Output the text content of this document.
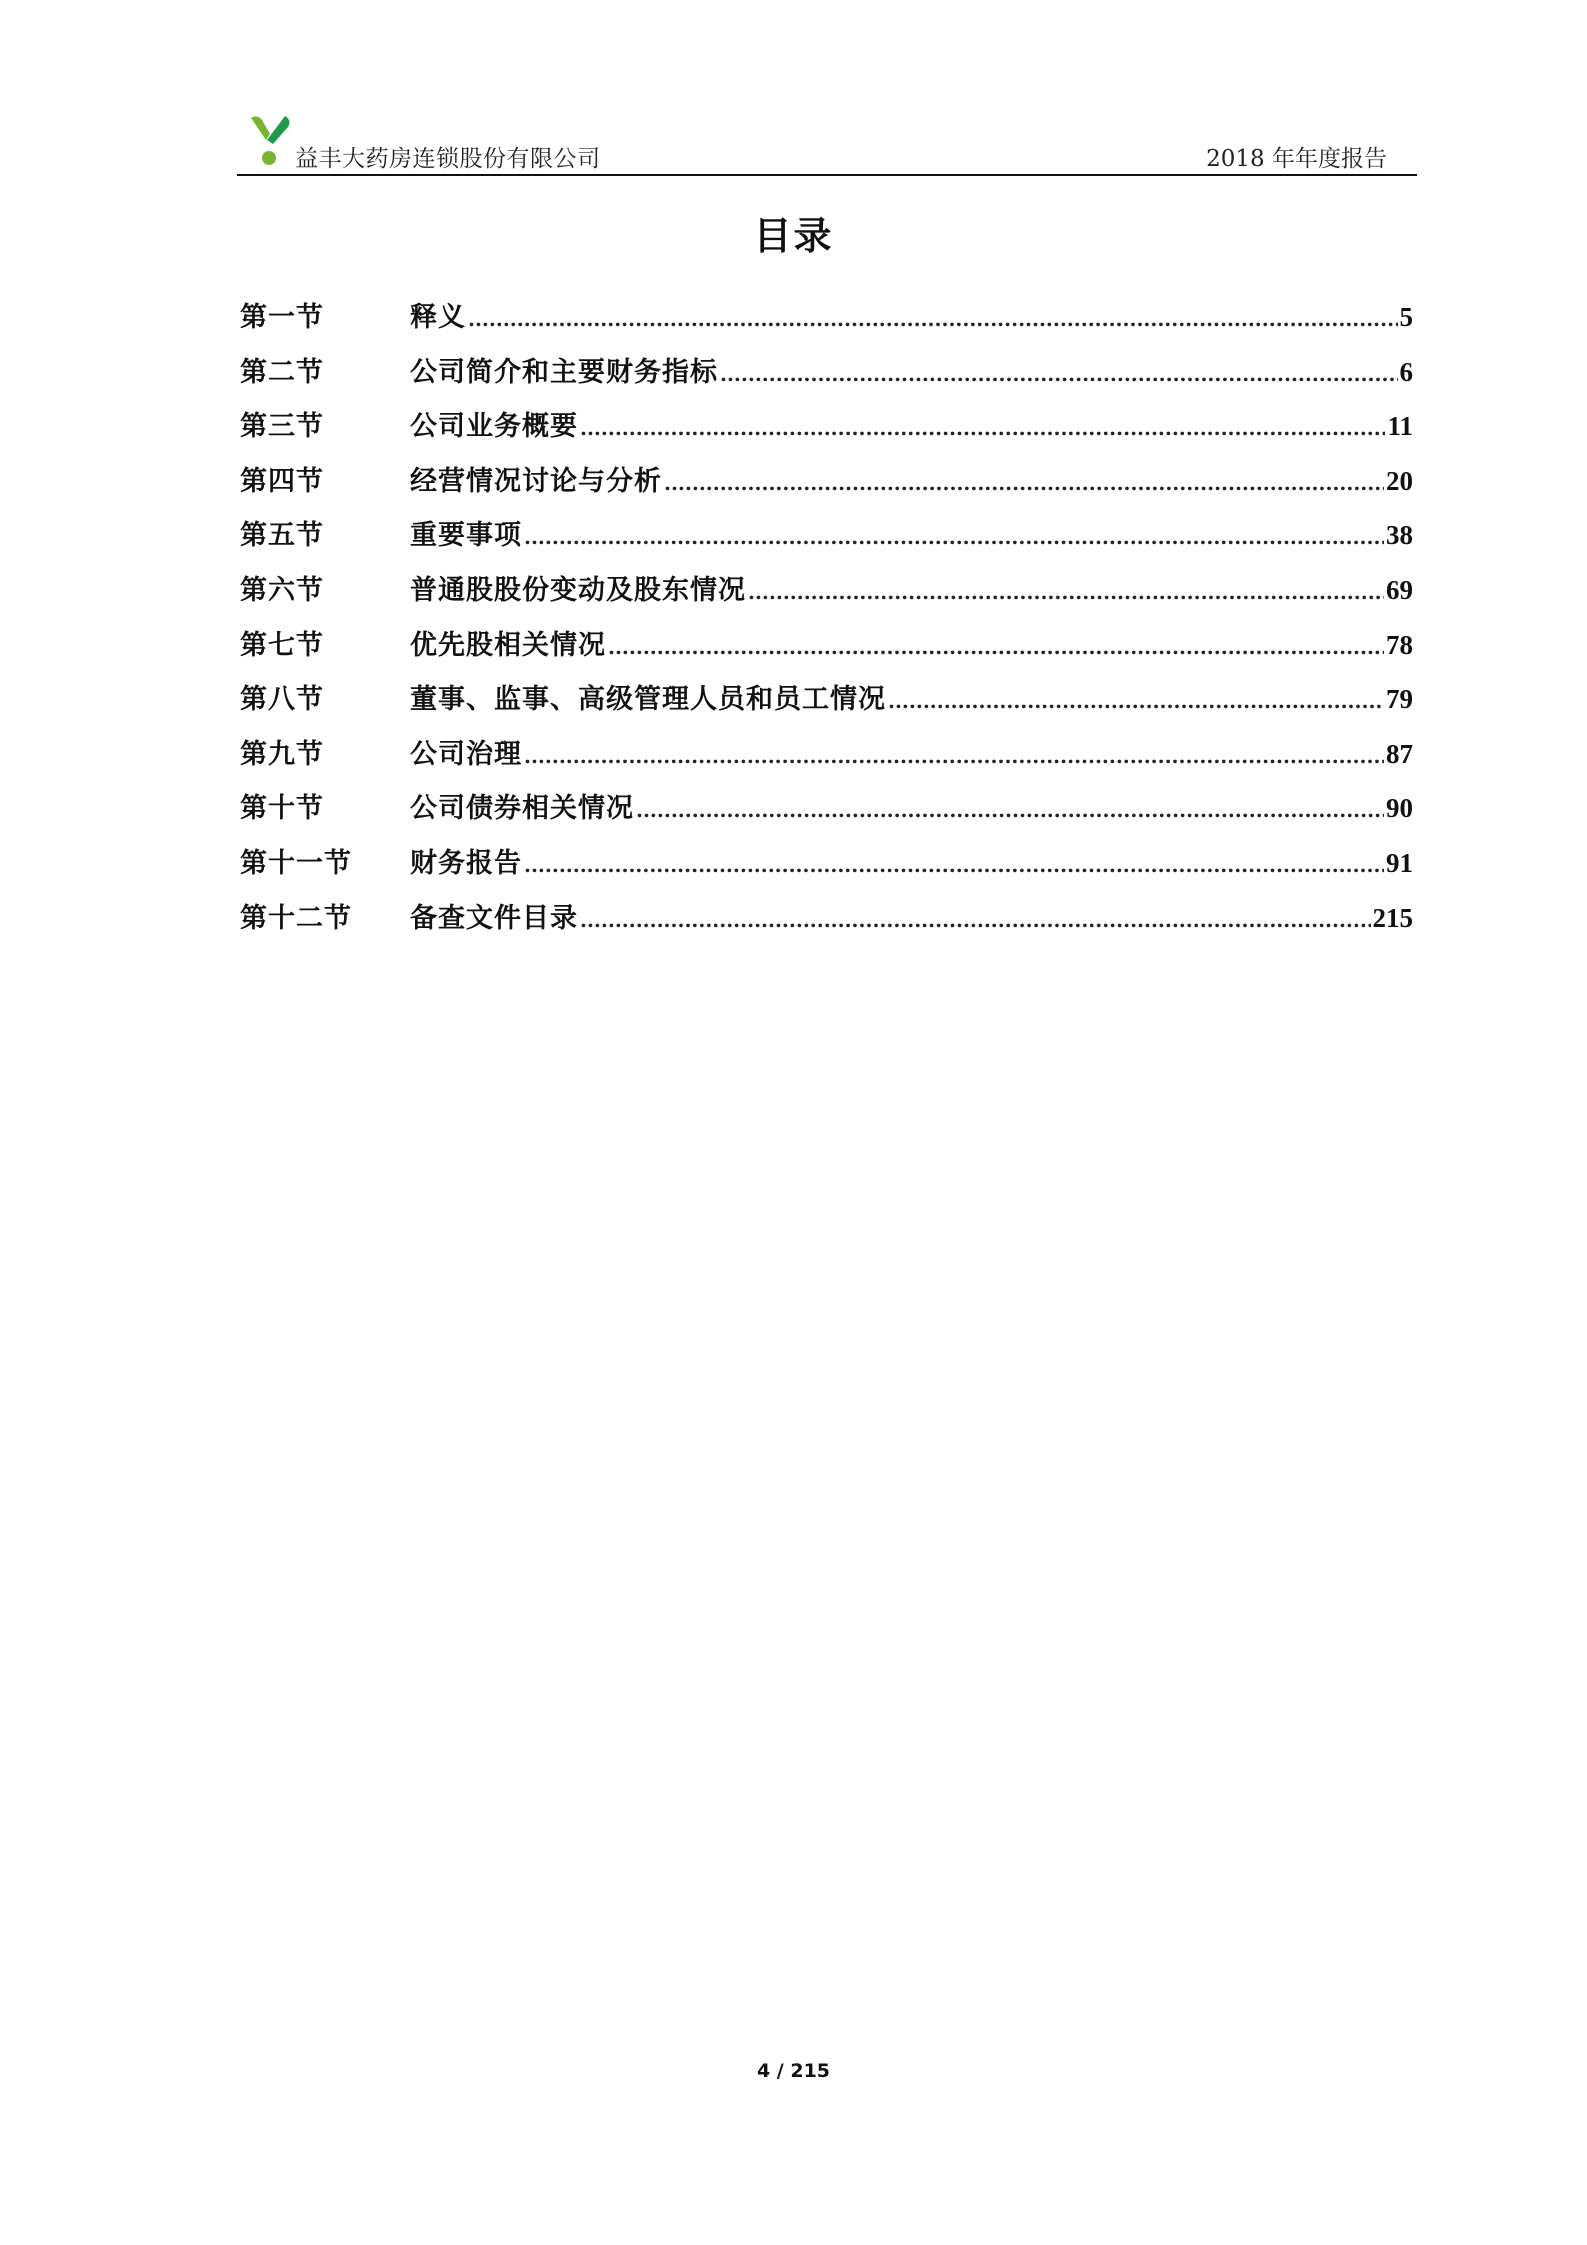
益丰大药房连锁股份有限公司	2018 年年度报告
目录
第一节	释义 .....	5
第二节	公司简介和主要财务指标 .....	6
第三节	公司业务概要 .....	11
第四节	经营情况讨论与分析 .....	20
第五节	重要事项 .....	38
第六节	普通股股份变动及股东情况 .....	69
第七节	优先股相关情况 .....	78
第八节	董事、监事、高级管理人员和员工情况 .....	79
第九节	公司治理 .....	87
第十节	公司债券相关情况 .....	90
第十一节	财务报告 .....	91
第十二节	备查文件目录 .....	215
4 / 215
